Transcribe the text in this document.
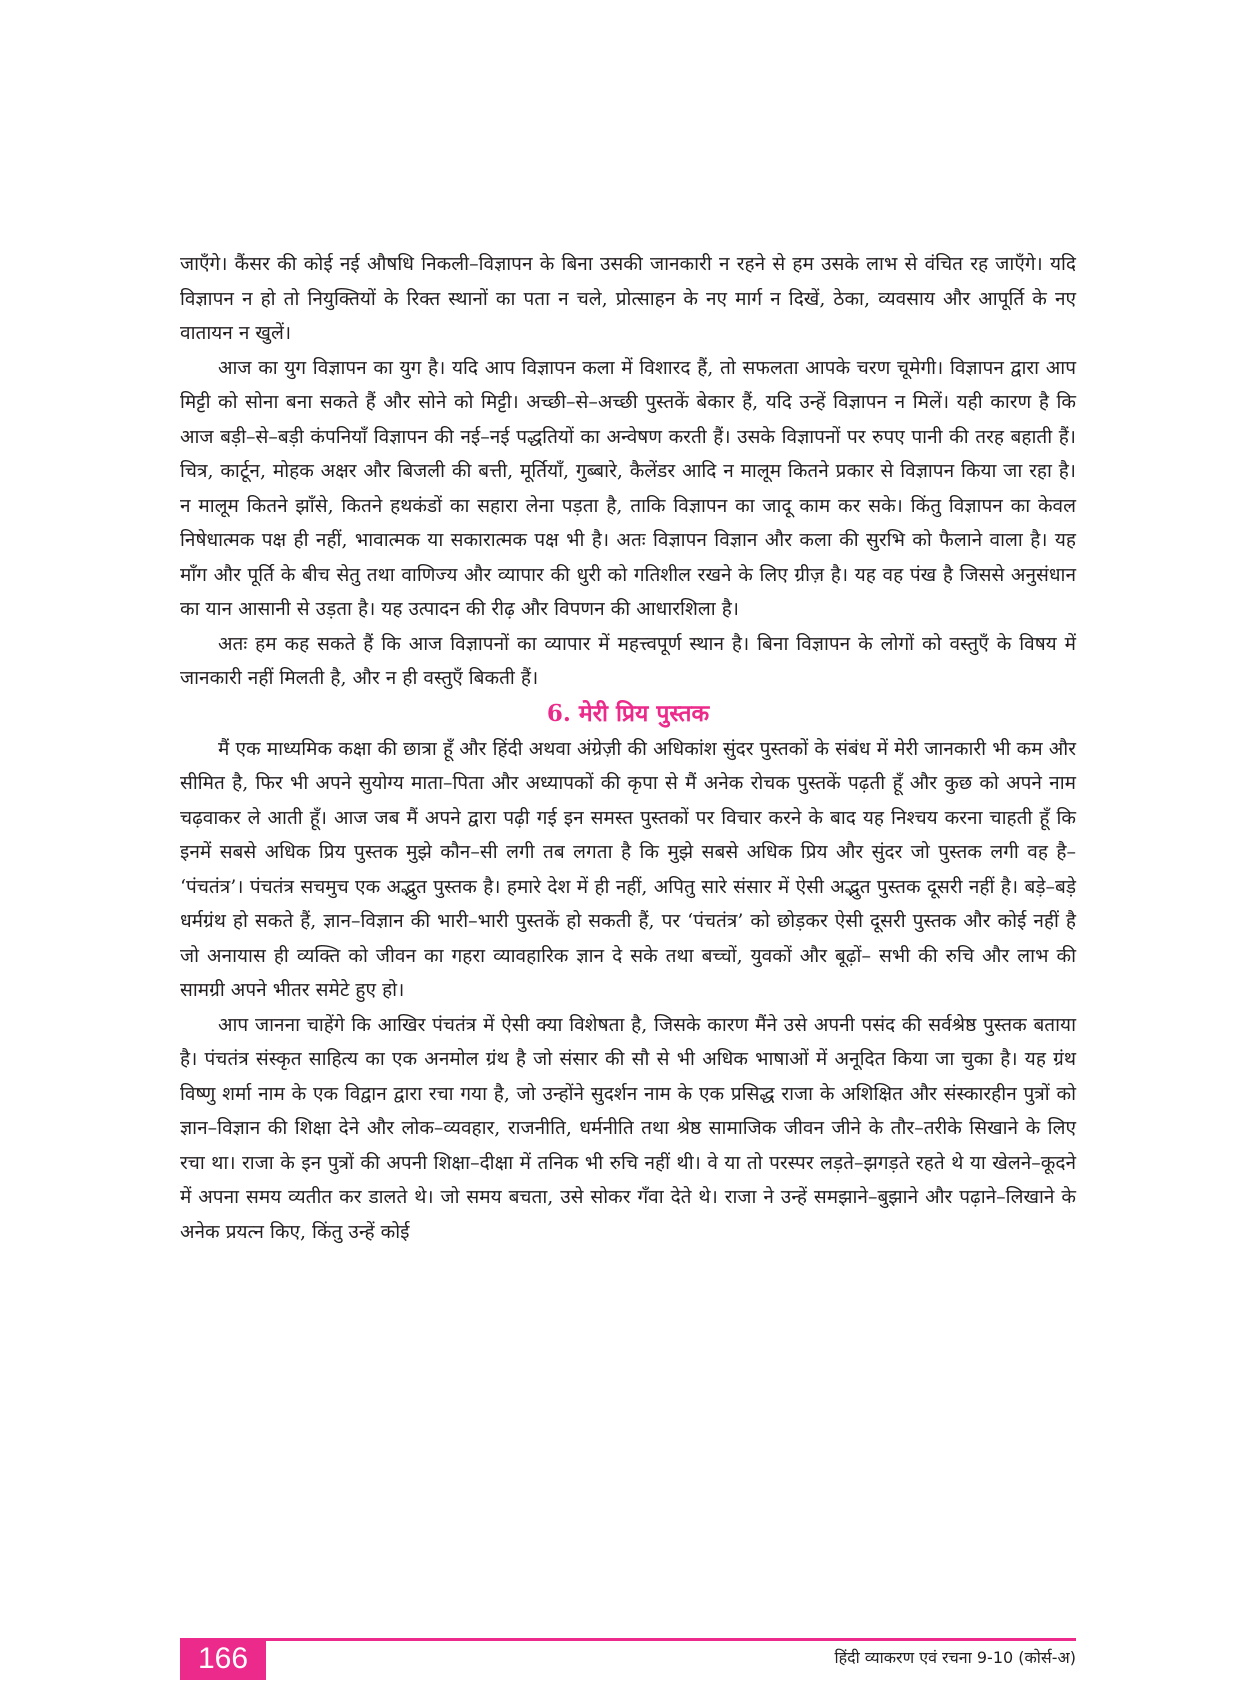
जाएँगे। कैंसर की कोई नई औषधि निकली–विज्ञापन के बिना उसकी जानकारी न रहने से हम उसके लाभ से वंचित रह जाएँगे। यदि विज्ञापन न हो तो नियुक्तियों के रिक्त स्थानों का पता न चले, प्रोत्साहन के नए मार्ग न दिखें, ठेका, व्यवसाय और आपूर्ति के नए वातायन न खुलें।

आज का युग विज्ञापन का युग है। यदि आप विज्ञापन कला में विशारद हैं, तो सफलता आपके चरण चूमेगी। विज्ञापन द्वारा आप मिट्टी को सोना बना सकते हैं और सोने को मिट्टी। अच्छी–से–अच्छी पुस्तकें बेकार हैं, यदि उन्हें विज्ञापन न मिलें। यही कारण है कि आज बड़ी–से–बड़ी कंपनियाँ विज्ञापन की नई–नई पद्धतियों का अन्वेषण करती हैं। उसके विज्ञापनों पर रुपए पानी की तरह बहाती हैं। चित्र, कार्टून, मोहक अक्षर और बिजली की बत्ती, मूर्तियाँ, गुब्बारे, कैलेंडर आदि न मालूम कितने प्रकार से विज्ञापन किया जा रहा है। न मालूम कितने झाँसे, कितने हथकंडों का सहारा लेना पड़ता है, ताकि विज्ञापन का जादू काम कर सके। किंतु विज्ञापन का केवल निषेधात्मक पक्ष ही नहीं, भावात्मक या सकारात्मक पक्ष भी है। अतः विज्ञापन विज्ञान और कला की सुरभि को फैलाने वाला है। यह माँग और पूर्ति के बीच सेतु तथा वाणिज्य और व्यापार की धुरी को गतिशील रखने के लिए ग्रीज़ है। यह वह पंख है जिससे अनुसंधान का यान आसानी से उड़ता है। यह उत्पादन की रीढ़ और विपणन की आधारशिला है।

अतः हम कह सकते हैं कि आज विज्ञापनों का व्यापार में महत्त्वपूर्ण स्थान है। बिना विज्ञापन के लोगों को वस्तुएँ के विषय में जानकारी नहीं मिलती है, और न ही वस्तुएँ बिकती हैं।

6. मेरी प्रिय पुस्तक

मैं एक माध्यमिक कक्षा की छात्रा हूँ और हिंदी अथवा अंग्रेज़ी की अधिकांश सुंदर पुस्तकों के संबंध में मेरी जानकारी भी कम और सीमित है, फिर भी अपने सुयोग्य माता–पिता और अध्यापकों की कृपा से मैं अनेक रोचक पुस्तकें पढ़ती हूँ और कुछ को अपने नाम चढ़वाकर ले आती हूँ। आज जब मैं अपने द्वारा पढ़ी गई इन समस्त पुस्तकों पर विचार करने के बाद यह निश्चय करना चाहती हूँ कि इनमें सबसे अधिक प्रिय पुस्तक मुझे कौन–सी लगी तब लगता है कि मुझे सबसे अधिक प्रिय और सुंदर जो पुस्तक लगी वह है– ‘पंचतंत्र’। पंचतंत्र सचमुच एक अद्भुत पुस्तक है। हमारे देश में ही नहीं, अपितु सारे संसार में ऐसी अद्भुत पुस्तक दूसरी नहीं है। बड़े–बड़े धर्मग्रंथ हो सकते हैं, ज्ञान–विज्ञान की भारी–भारी पुस्तकें हो सकती हैं, पर ‘पंचतंत्र’ को छोड़कर ऐसी दूसरी पुस्तक और कोई नहीं है जो अनायास ही व्यक्ति को जीवन का गहरा व्यावहारिक ज्ञान दे सके तथा बच्चों, युवकों और बूढ़ों– सभी की रुचि और लाभ की सामग्री अपने भीतर समेटे हुए हो।

आप जानना चाहेंगे कि आखिर पंचतंत्र में ऐसी क्या विशेषता है, जिसके कारण मैंने उसे अपनी पसंद की सर्वश्रेष्ठ पुस्तक बताया है। पंचतंत्र संस्कृत साहित्य का एक अनमोल ग्रंथ है जो संसार की सौ से भी अधिक भाषाओं में अनूदित किया जा चुका है। यह ग्रंथ विष्णु शर्मा नाम के एक विद्वान द्वारा रचा गया है, जो उन्होंने सुदर्शन नाम के एक प्रसिद्ध राजा के अशिक्षित और संस्कारहीन पुत्रों को ज्ञान–विज्ञान की शिक्षा देने और लोक–व्यवहार, राजनीति, धर्मनीति तथा श्रेष्ठ सामाजिक जीवन जीने के तौर–तरीके सिखाने के लिए रचा था। राजा के इन पुत्रों की अपनी शिक्षा–दीक्षा में तनिक भी रुचि नहीं थी। वे या तो परस्पर लड़ते–झगड़ते रहते थे या खेलने–कूदने में अपना समय व्यतीत कर डालते थे। जो समय बचता, उसे सोकर गँवा देते थे। राजा ने उन्हें समझाने–बुझाने और पढ़ाने–लिखाने के अनेक प्रयत्न किए, किंतु उन्हें कोई

166	हिंदी व्याकरण एवं रचना 9-10 (कोर्स-अ)
